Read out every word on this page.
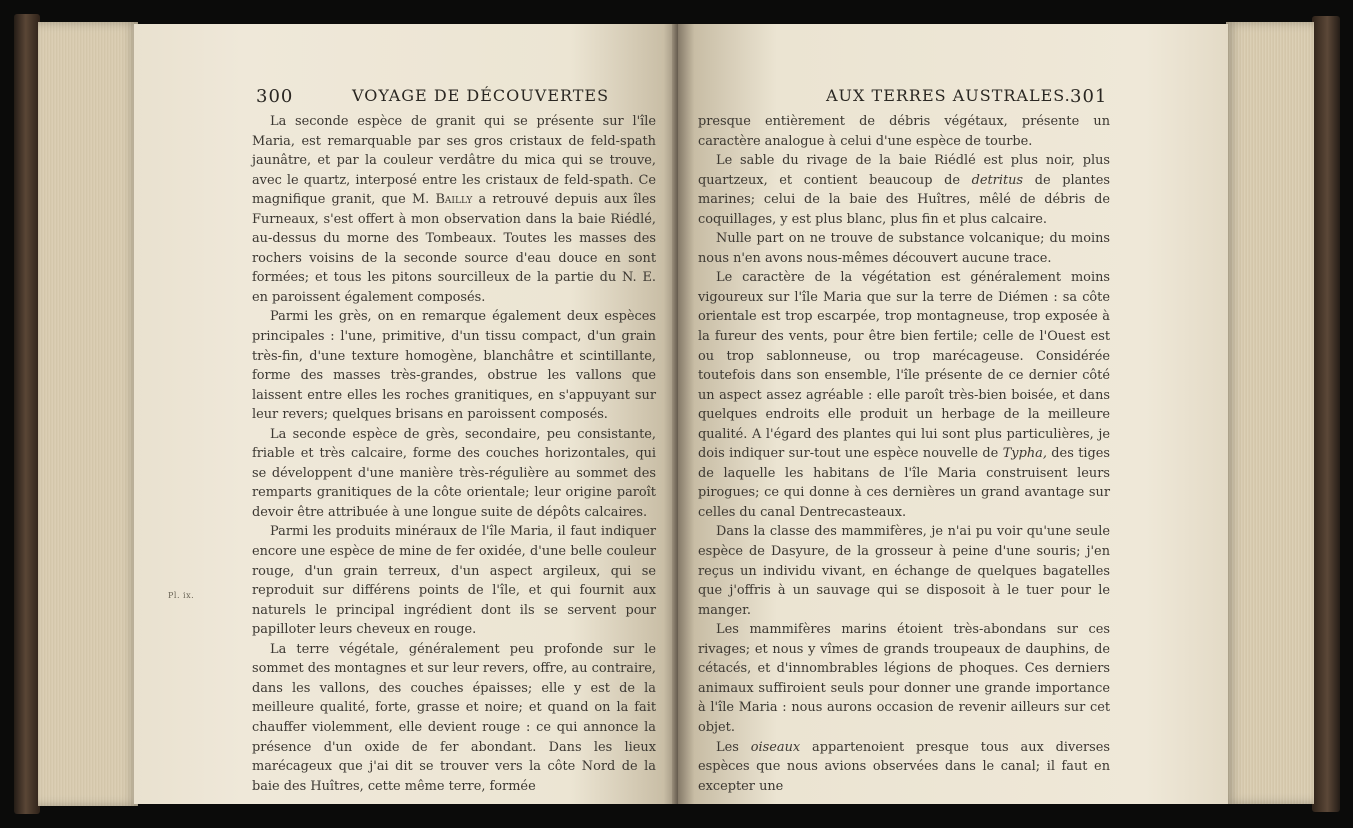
300	VOYAGE DE DÉCOUVERTES
Pl. ix.

La seconde espèce de granit qui se présente sur l'île Maria, est remarquable par ses gros cristaux de feld-spath jaunâtre, et par la couleur verdâtre du mica qui se trouve, avec le quartz, interposé entre les cristaux de feld-spath. Ce magnifique granit, que M. Bailly a retrouvé depuis aux îles Furneaux, s'est offert à mon observation dans la baie Riédlé, au-dessus du morne des Tombeaux. Toutes les masses des rochers voisins de la seconde source d'eau douce en sont formées; et tous les pitons sourcilleux de la partie du N. E. en paroissent également composés.

Parmi les grès, on en remarque également deux espèces principales : l'une, primitive, d'un tissu compact, d'un grain très-fin, d'une texture homogène, blanchâtre et scintillante, forme des masses très-grandes, obstrue les vallons que laissent entre elles les roches granitiques, en s'appuyant sur leur revers; quelques brisans en paroissent composés.

La seconde espèce de grès, secondaire, peu consistante, friable et très calcaire, forme des couches horizontales, qui se développent d'une manière très-régulière au sommet des remparts granitiques de la côte orientale; leur origine paroît devoir être attribuée à une longue suite de dépôts calcaires.

Parmi les produits minéraux de l'île Maria, il faut indiquer encore une espèce de mine de fer oxidée, d'une belle couleur rouge, d'un grain terreux, d'un aspect argileux, qui se reproduit sur différens points de l'île, et qui fournit aux naturels le principal ingrédient dont ils se servent pour papilloter leurs cheveux en rouge.

La terre végétale, généralement peu profonde sur le sommet des montagnes et sur leur revers, offre, au contraire, dans les vallons, des couches épaisses; elle y est de la meilleure qualité, forte, grasse et noire; et quand on la fait chauffer violemment, elle devient rouge : ce qui annonce la présence d'un oxide de fer abondant. Dans les lieux marécageux que j'ai dit se trouver vers la côte Nord de la baie des Huîtres, cette même terre, formée

AUX TERRES AUSTRALES. 301

presque entièrement de débris végétaux, présente un caractère analogue à celui d'une espèce de tourbe.

Le sable du rivage de la baie Riédlé est plus noir, plus quartzeux, et contient beaucoup de detritus de plantes marines; celui de la baie des Huîtres, mêlé de débris de coquillages, y est plus blanc, plus fin et plus calcaire.

Nulle part on ne trouve de substance volcanique; du moins nous n'en avons nous-mêmes découvert aucune trace.

Le caractère de la végétation est généralement moins vigoureux sur l'île Maria que sur la terre de Diémen : sa côte orientale est trop escarpée, trop montagneuse, trop exposée à la fureur des vents, pour être bien fertile; celle de l'Ouest est ou trop sablonneuse, ou trop marécageuse. Considérée toutefois dans son ensemble, l'île présente de ce dernier côté un aspect assez agréable : elle paroît très-bien boisée, et dans quelques endroits elle produit un herbage de la meilleure qualité. A l'égard des plantes qui lui sont plus particulières, je dois indiquer sur-tout une espèce nouvelle de Typha, des tiges de laquelle les habitans de l'île Maria construisent leurs pirogues; ce qui donne à ces dernières un grand avantage sur celles du canal Dentrecasteaux.

Dans la classe des mammifères, je n'ai pu voir qu'une seule espèce de Dasyure, de la grosseur à peine d'une souris; j'en reçus un individu vivant, en échange de quelques bagatelles que j'offris à un sauvage qui se disposoit à le tuer pour le manger.

Les mammifères marins étoient très-abondans sur ces rivages; et nous y vîmes de grands troupeaux de dauphins, de cétacés, et d'innombrables légions de phoques. Ces derniers animaux suffiroient seuls pour donner une grande importance à l'île Maria : nous aurons occasion de revenir ailleurs sur cet objet.

Les oiseaux appartenoient presque tous aux diverses espèces que nous avions observées dans le canal; il faut en excepter une
